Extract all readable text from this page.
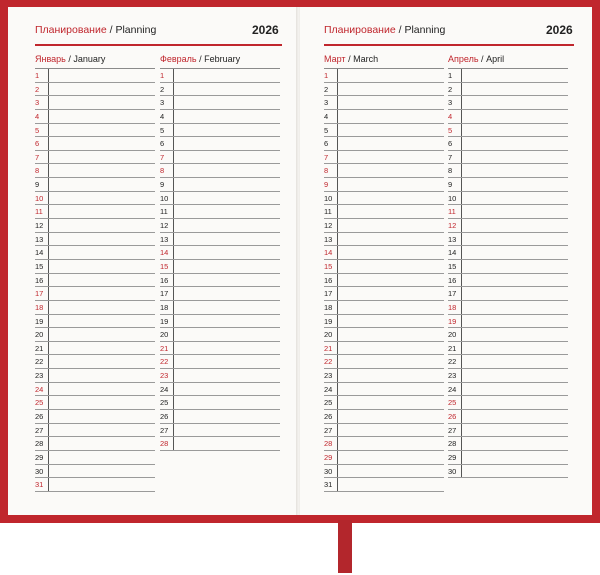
Планирование / Planning	2026
Январь / January
1
2
3
4
5
6
7
8
9
10
11
12
13
14
15
16
17
18
19
20
21
22
23
24
25
26
27
28
29
30
31
Февраль / February
1
2
3
4
5
6
7
8
9
10
11
12
13
14
15
16
17
18
19
20
21
22
23
24
25
26
27
28
Планирование / Planning	2026
Март / March
1
2
3
4
5
6
7
8
9
10
11
12
13
14
15
16
17
18
19
20
21
22
23
24
25
26
27
28
29
30
31
Апрель / April
1
2
3
4
5
6
7
8
9
10
11
12
13
14
15
16
17
18
19
20
21
22
23
24
25
26
27
28
29
30
